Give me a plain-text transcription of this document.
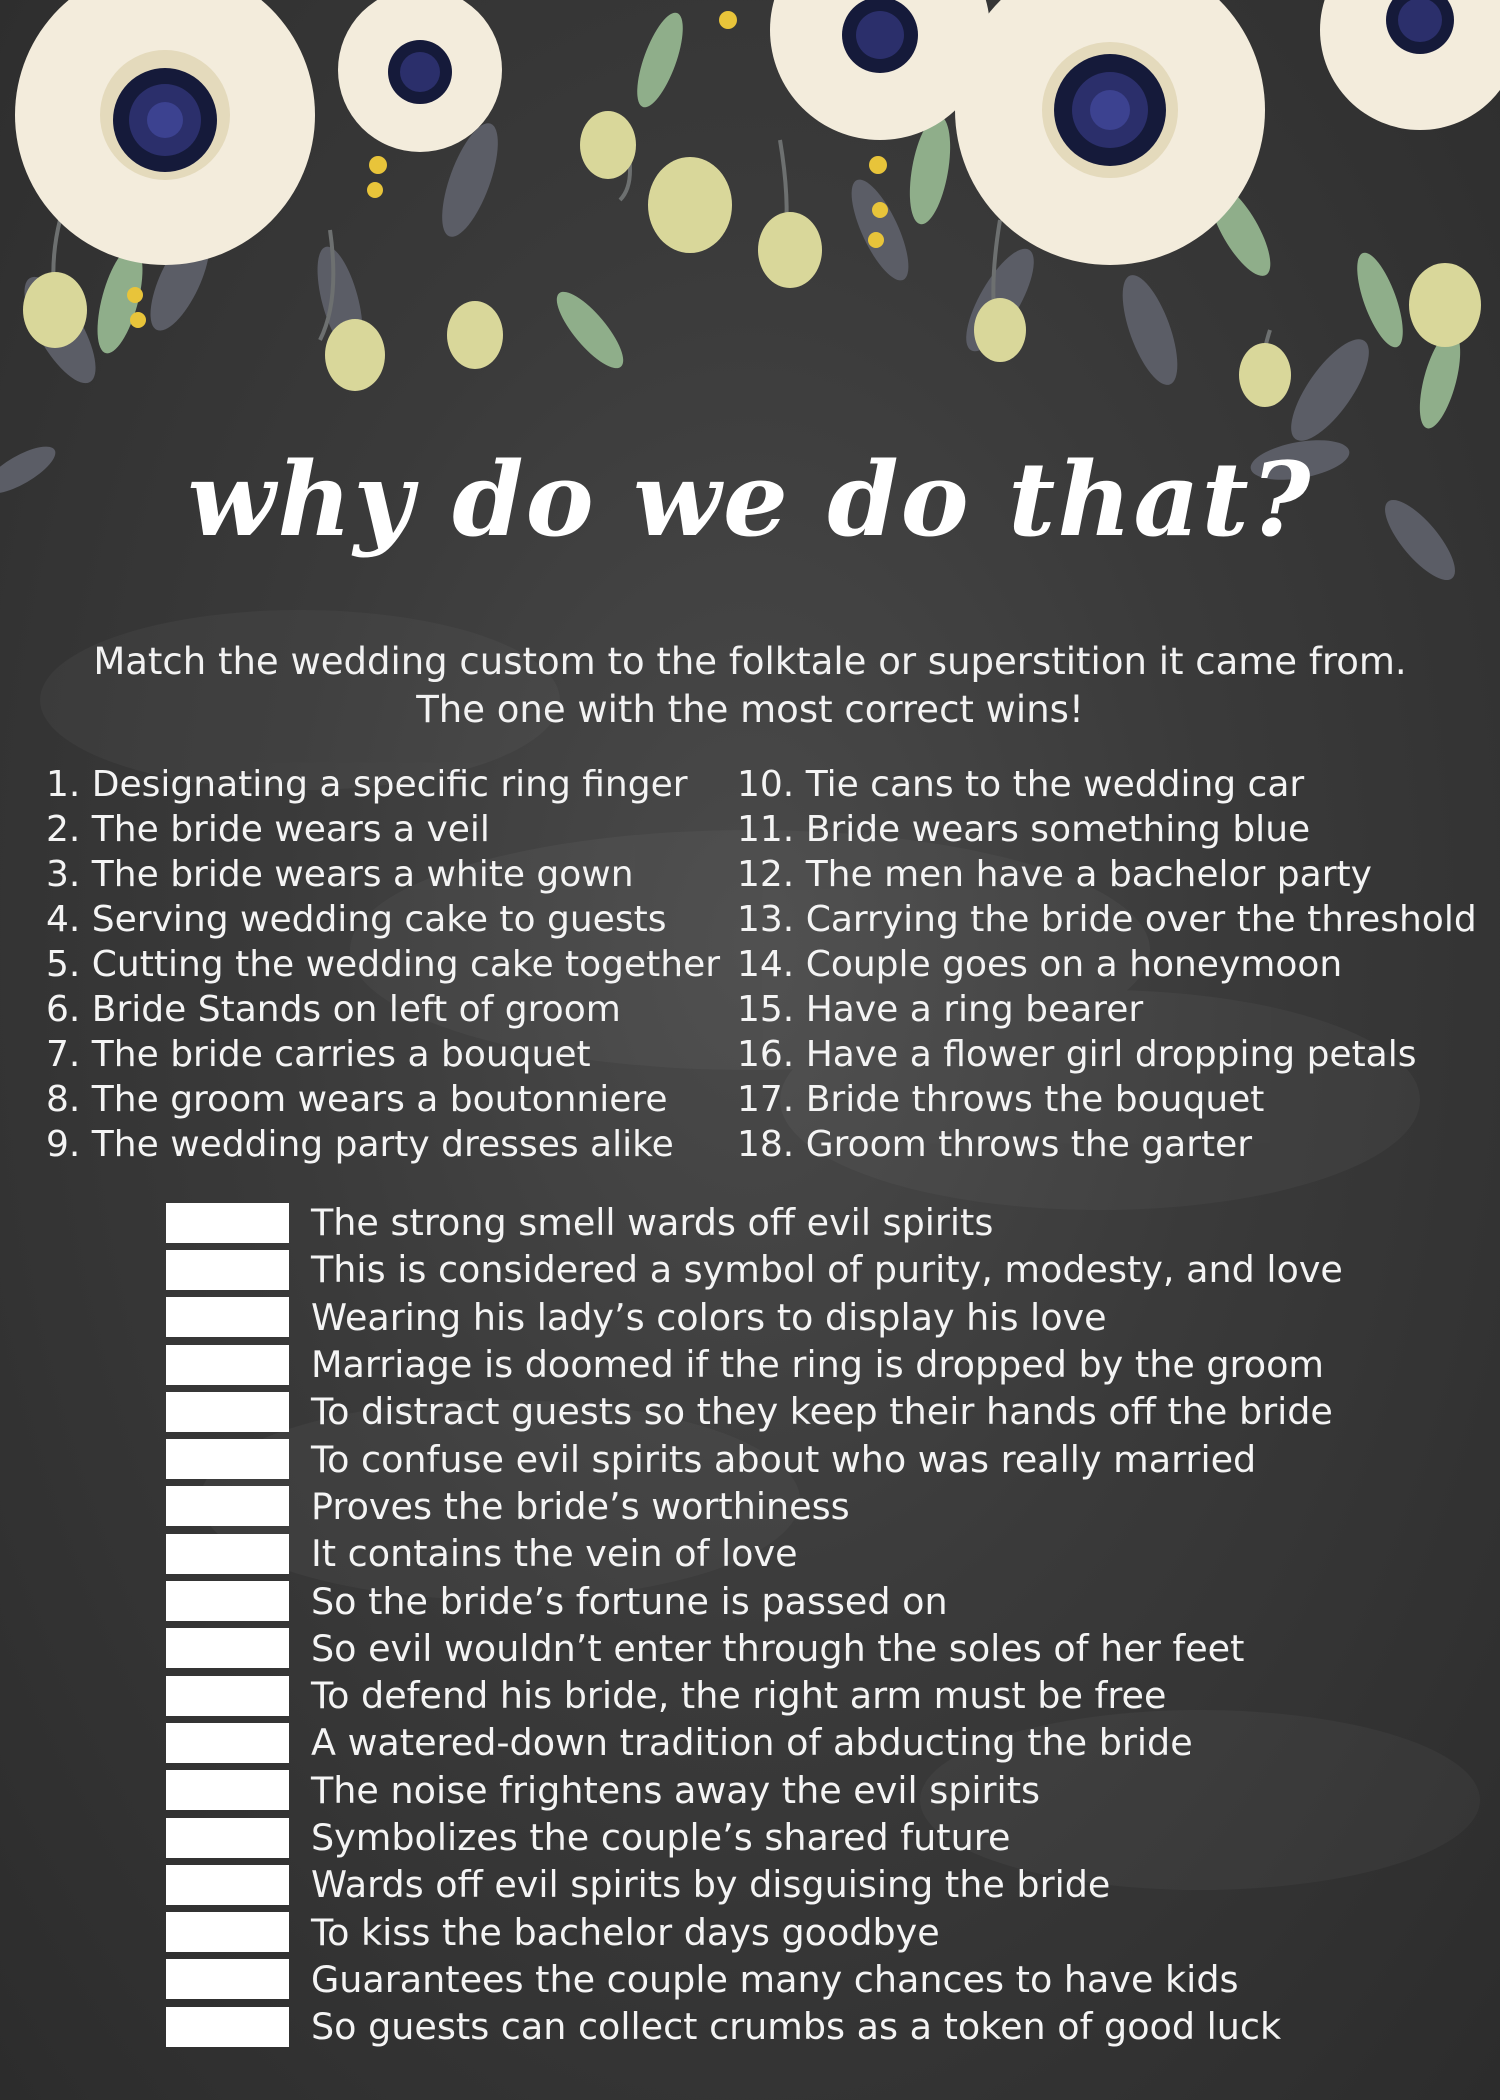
why do we do that?
Match the wedding custom to the folktale or superstition it came from.
The one with the most correct wins!
1. Designating a specific ring finger
2. The bride wears a veil
3. The bride wears a white gown
4. Serving wedding cake to guests
5. Cutting the wedding cake together
6. Bride Stands on left of groom
7. The bride carries a bouquet
8. The groom wears a boutonniere
9. The wedding party dresses alike
10. Tie cans to the wedding car
11. Bride wears something blue
12. The men have a bachelor party
13. Carrying the bride over the threshold
14. Couple goes on a honeymoon
15. Have a ring bearer
16. Have a flower girl dropping petals
17. Bride throws the bouquet
18. Groom throws the garter
The strong smell wards off evil spirits
This is considered a symbol of purity, modesty, and love
Wearing his lady’s colors to display his love
Marriage is doomed if the ring is dropped by the groom
To distract guests so they keep their hands off the bride
To confuse evil spirits about who was really married
Proves the bride’s worthiness
It contains the vein of love
So the bride’s fortune is passed on
So evil wouldn’t enter through the soles of her feet
To defend his bride, the right arm must be free
A watered-down tradition of abducting the bride
The noise frightens away the evil spirits
Symbolizes the couple’s shared future
Wards off evil spirits by disguising the bride
To kiss the bachelor days goodbye
Guarantees the couple many chances to have kids
So guests can collect crumbs as a token of good luck
